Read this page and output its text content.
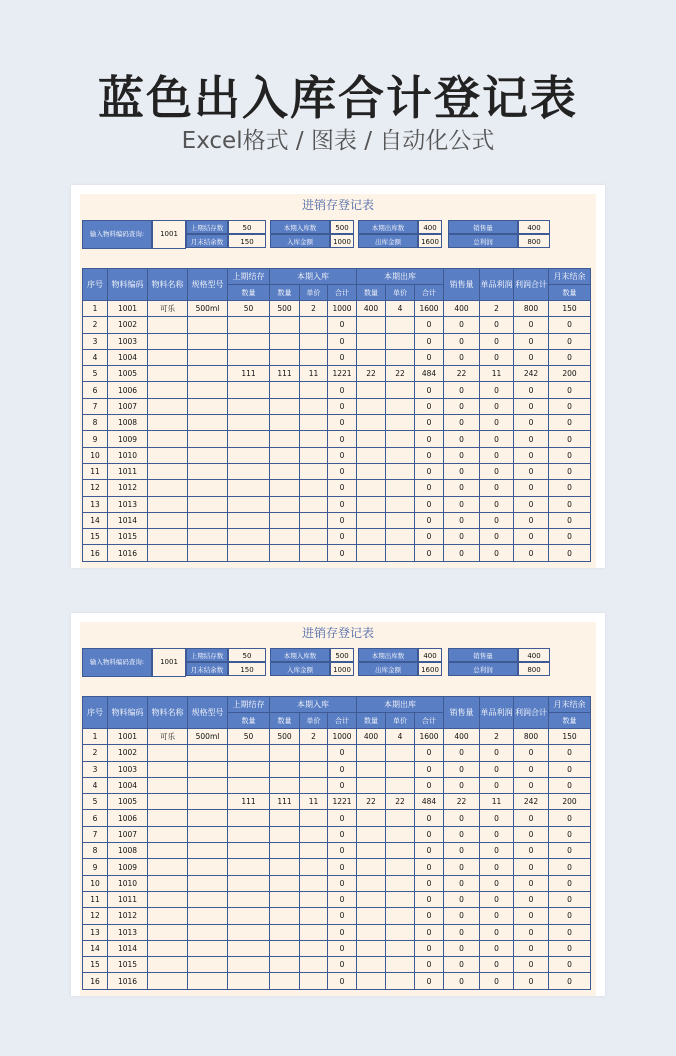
蓝色出入库合计登记表
Excel格式 / 图表 / 自动化公式
进销存登记表
输入物料编码查询:	1001
上期结存数	50
月末结余数	150
本期入库数	500
入库金额	1000
本期出库数	400
出库金额	1600
销售量	400
总利润	800
序号	物料编码	物料名称	规格型号	上期结存	本期入库			本期出库			销售量	单品利润	利润合计	月末结余
				数量	数量	单价	合计	数量	单价	合计				数量
1	1001	可乐	500ml	50	500	2	1000	400	4	1600	400	2	800	150
2	1002						0			0	0	0	0	0
3	1003						0			0	0	0	0	0
4	1004						0			0	0	0	0	0
5	1005			111	111	11	1221	22	22	484	22	11	242	200
6	1006						0			0	0	0	0	0
7	1007						0			0	0	0	0	0
8	1008						0			0	0	0	0	0
9	1009						0			0	0	0	0	0
10	1010						0			0	0	0	0	0
11	1011						0			0	0	0	0	0
12	1012						0			0	0	0	0	0
13	1013						0			0	0	0	0	0
14	1014						0			0	0	0	0	0
15	1015						0			0	0	0	0	0
16	1016						0			0	0	0	0	0
进销存登记表
输入物料编码查询:	1001
上期结存数	50
月末结余数	150
本期入库数	500
入库金额	1000
本期出库数	400
出库金额	1600
销售量	400
总利润	800
序号	物料编码	物料名称	规格型号	上期结存	本期入库			本期出库			销售量	单品利润	利润合计	月末结余
				数量	数量	单价	合计	数量	单价	合计				数量
1	1001	可乐	500ml	50	500	2	1000	400	4	1600	400	2	800	150
2	1002						0			0	0	0	0	0
3	1003						0			0	0	0	0	0
4	1004						0			0	0	0	0	0
5	1005			111	111	11	1221	22	22	484	22	11	242	200
6	1006						0			0	0	0	0	0
7	1007						0			0	0	0	0	0
8	1008						0			0	0	0	0	0
9	1009						0			0	0	0	0	0
10	1010						0			0	0	0	0	0
11	1011						0			0	0	0	0	0
12	1012						0			0	0	0	0	0
13	1013						0			0	0	0	0	0
14	1014						0			0	0	0	0	0
15	1015						0			0	0	0	0	0
16	1016						0			0	0	0	0	0
